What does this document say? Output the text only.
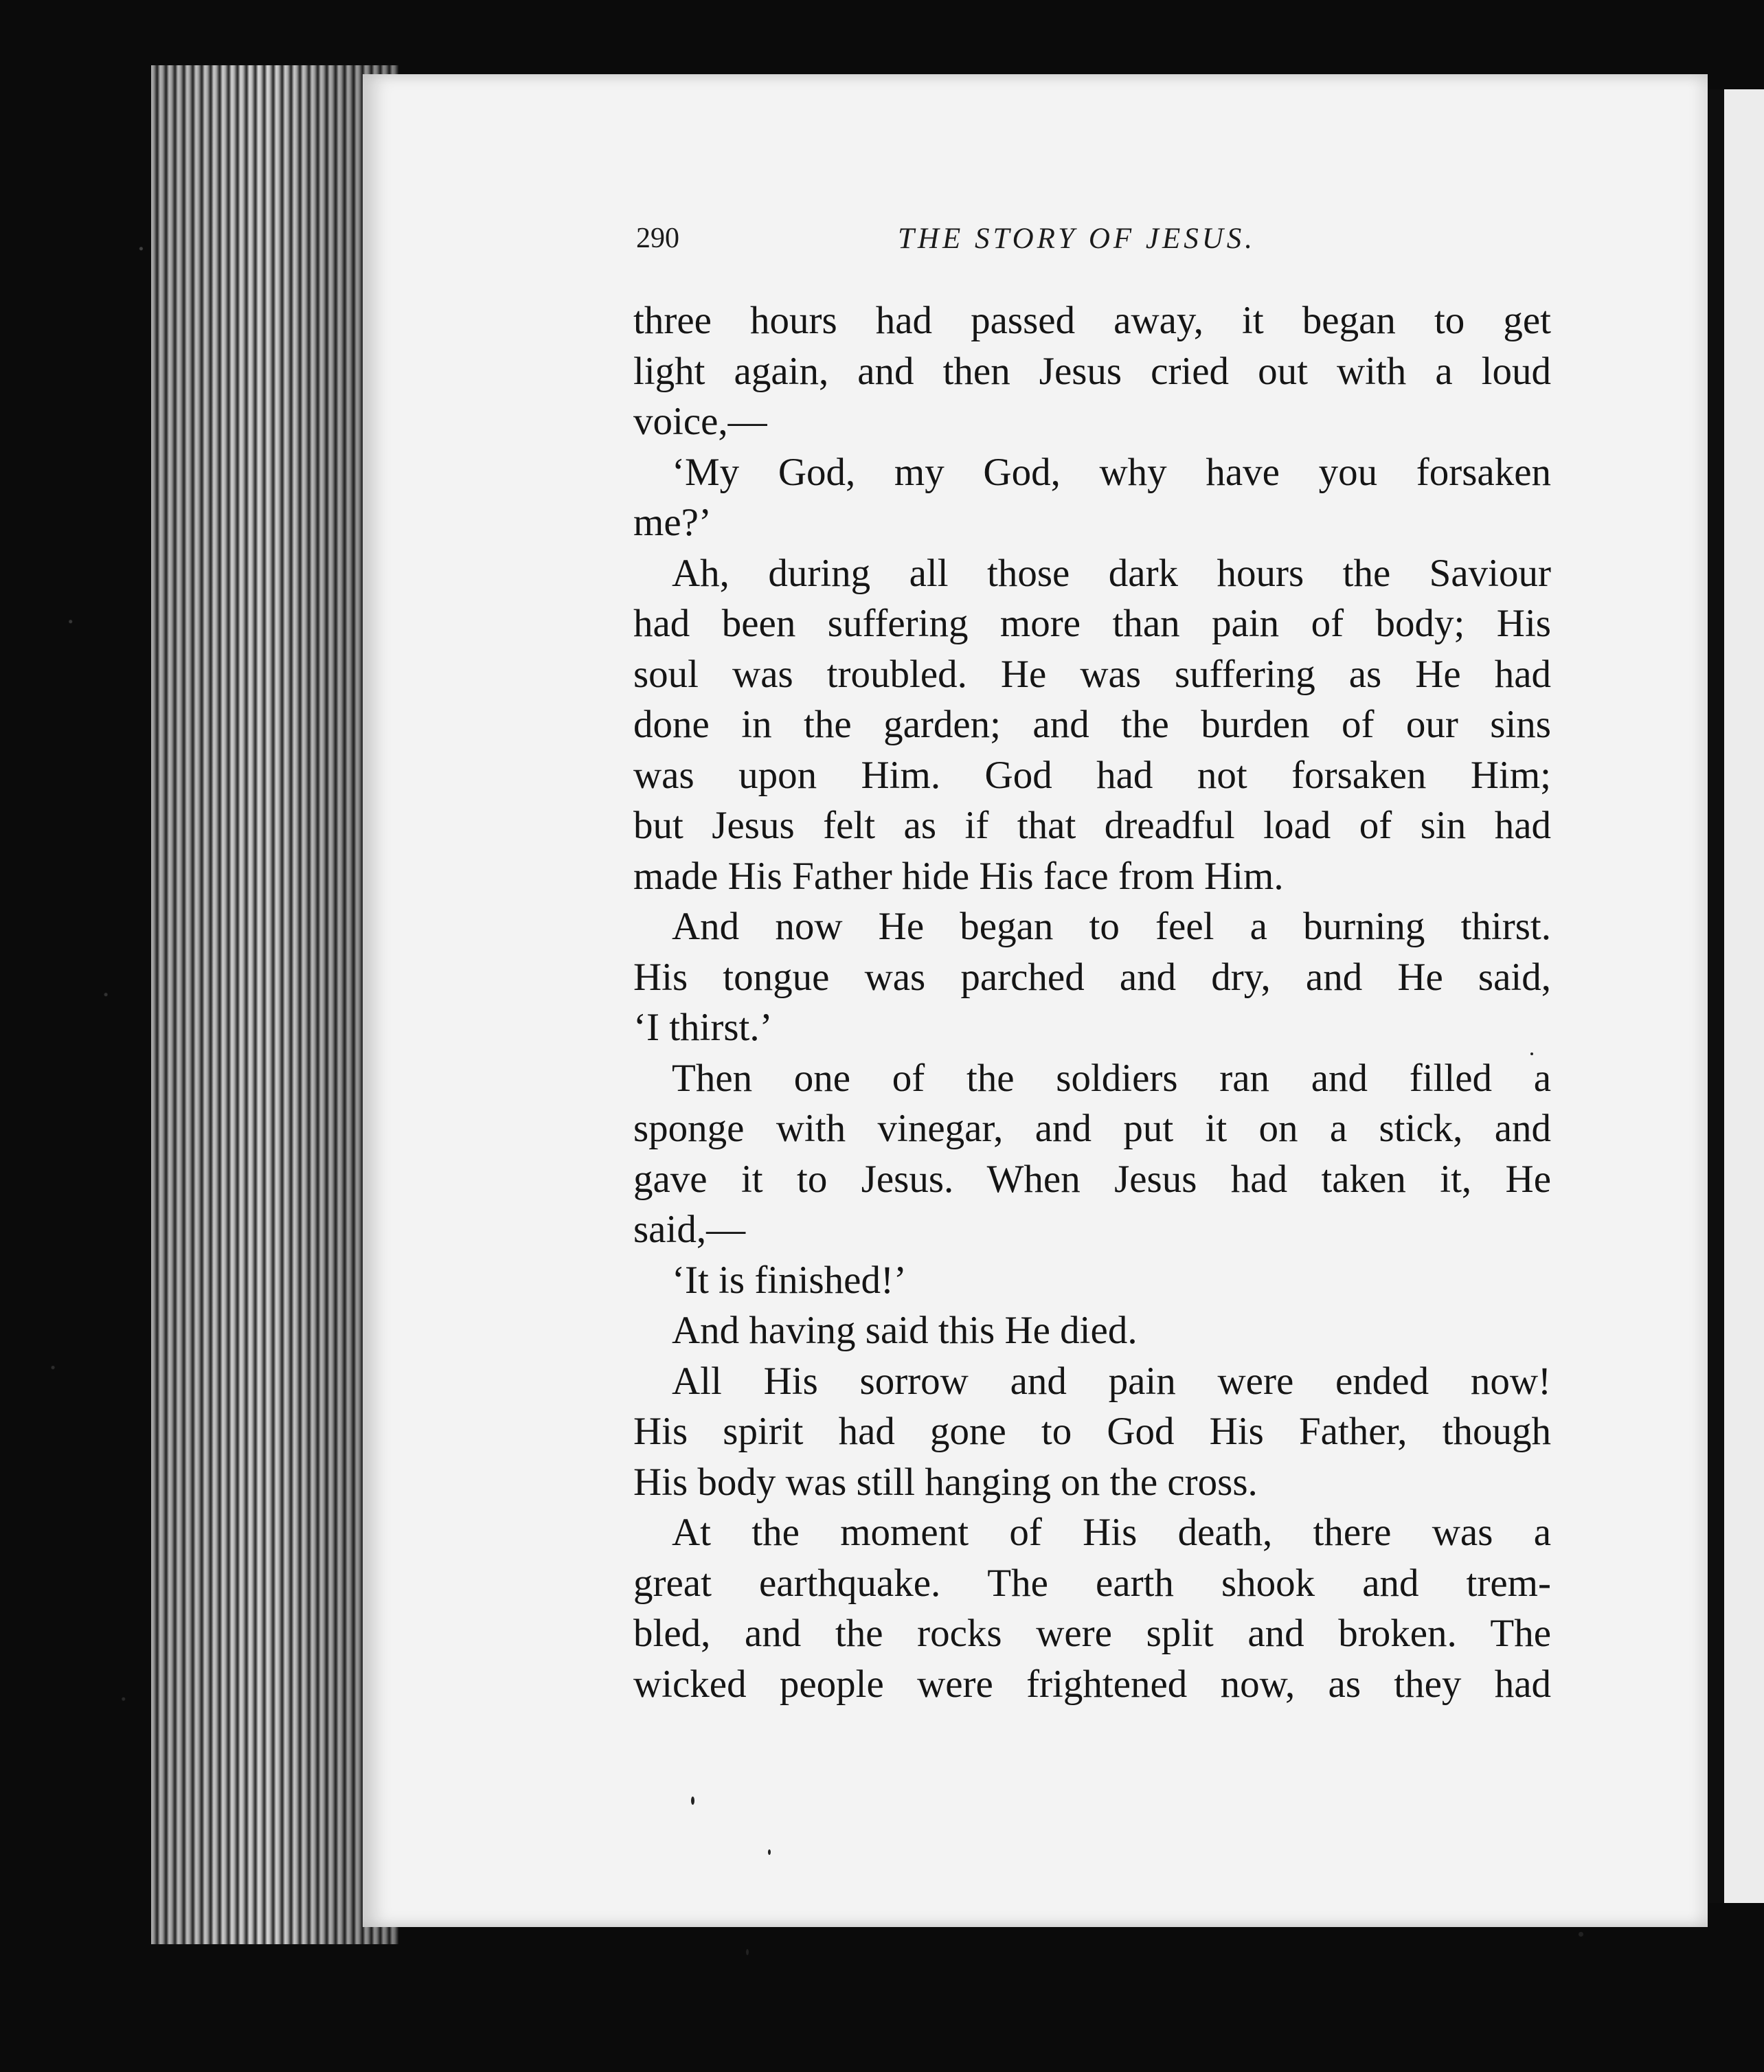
290	THE STORY OF JESUS.
three hours had passed away, it began to get
light again, and then Jesus cried out with a loud
voice,—
‘My God, my God, why have you forsaken
me?’
Ah, during all those dark hours the Saviour
had been suffering more than pain of body; His
soul was troubled. He was suffering as He had
done in the garden; and the burden of our sins
was upon Him. God had not forsaken Him;
but Jesus felt as if that dreadful load of sin had
made His Father hide His face from Him.
And now He began to feel a burning thirst.
His tongue was parched and dry, and He said,
‘I thirst.’
Then one of the soldiers ran and filled a
sponge with vinegar, and put it on a stick, and
gave it to Jesus. When Jesus had taken it, He
said,—
‘It is finished!’
And having said this He died.
All His sorrow and pain were ended now!
His spirit had gone to God His Father, though
His body was still hanging on the cross.
At the moment of His death, there was a
great earthquake. The earth shook and trem-
bled, and the rocks were split and broken. The
wicked people were frightened now, as they had
